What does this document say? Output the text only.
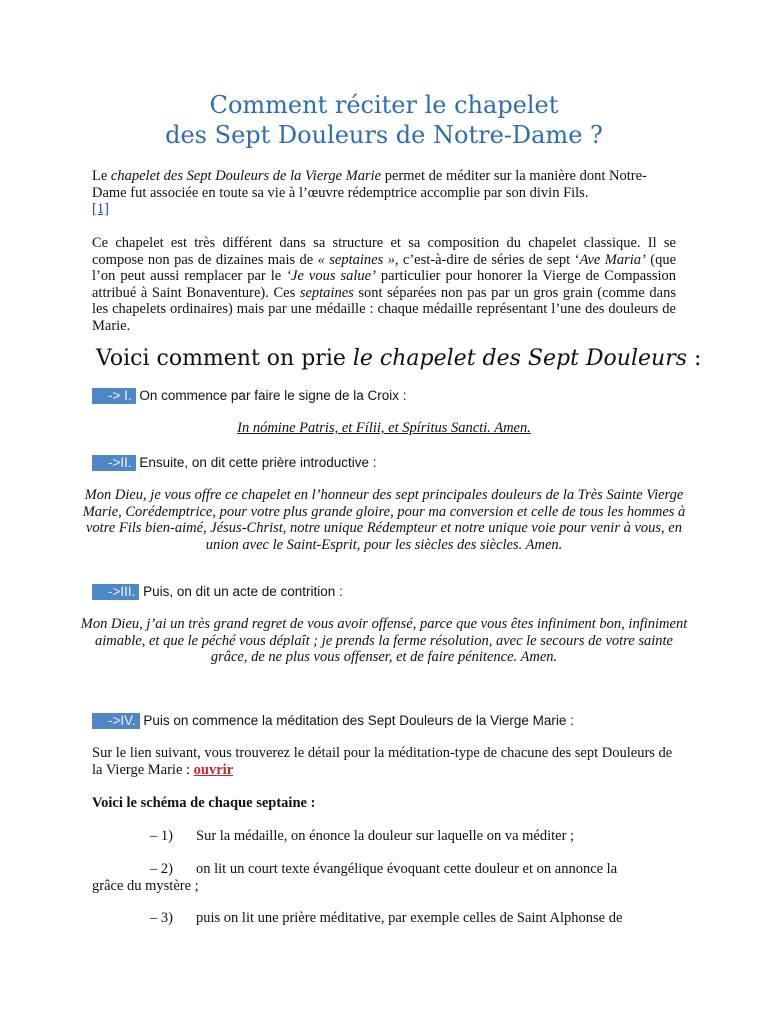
Comment réciter le chapelet
des Sept Douleurs de Notre-Dame ?
Le chapelet des Sept Douleurs de la Vierge Marie permet de méditer sur la manière dont Notre-Dame fut associée en toute sa vie à l’œuvre rédemptrice accomplie par son divin Fils.
[1]
Ce chapelet est très différent dans sa structure et sa composition du chapelet classique. Il se compose non pas de dizaines mais de « septaines », c’est-à-dire de séries de sept ‘Ave Maria’ (que l’on peut aussi remplacer par le ‘Je vous salue’ particulier pour honorer la Vierge de Compassion attribué à Saint Bonaventure). Ces septaines sont séparées non pas par un gros grain (comme dans les chapelets ordinaires) mais par une médaille : chaque médaille représentant l’une des douleurs de Marie.
Voici comment on prie le chapelet des Sept Douleurs :
-> I. On commence par faire le signe de la Croix :
In nómine Patris, et Fílii, et Spíritus Sancti. Amen.
->II. Ensuite, on dit cette prière introductive :
Mon Dieu, je vous offre ce chapelet en l’honneur des sept principales douleurs de la Très Sainte Vierge Marie, Corédemptrice, pour votre plus grande gloire, pour ma conversion et celle de tous les hommes à votre Fils bien-aimé, Jésus-Christ, notre unique Rédempteur et notre unique voie pour venir à vous, en union avec le Saint-Esprit, pour les siècles des siècles. Amen.
->III. Puis, on dit un acte de contrition :
Mon Dieu, j’ai un très grand regret de vous avoir offensé, parce que vous êtes infiniment bon, infiniment aimable, et que le péché vous déplaît ; je prends la ferme résolution, avec le secours de votre sainte grâce, de ne plus vous offenser, et de faire pénitence. Amen.
->IV. Puis on commence la méditation des Sept Douleurs de la Vierge Marie :
Sur le lien suivant, vous trouverez le détail pour la méditation-type de chacune des sept Douleurs de la Vierge Marie : ouvrir
Voici le schéma de chaque septaine :
– 1) Sur la médaille, on énonce la douleur sur laquelle on va méditer ;
– 2) on lit un court texte évangélique évoquant cette douleur et on annonce la
grâce du mystère ;
– 3) puis on lit une prière méditative, par exemple celles de Saint Alphonse de
